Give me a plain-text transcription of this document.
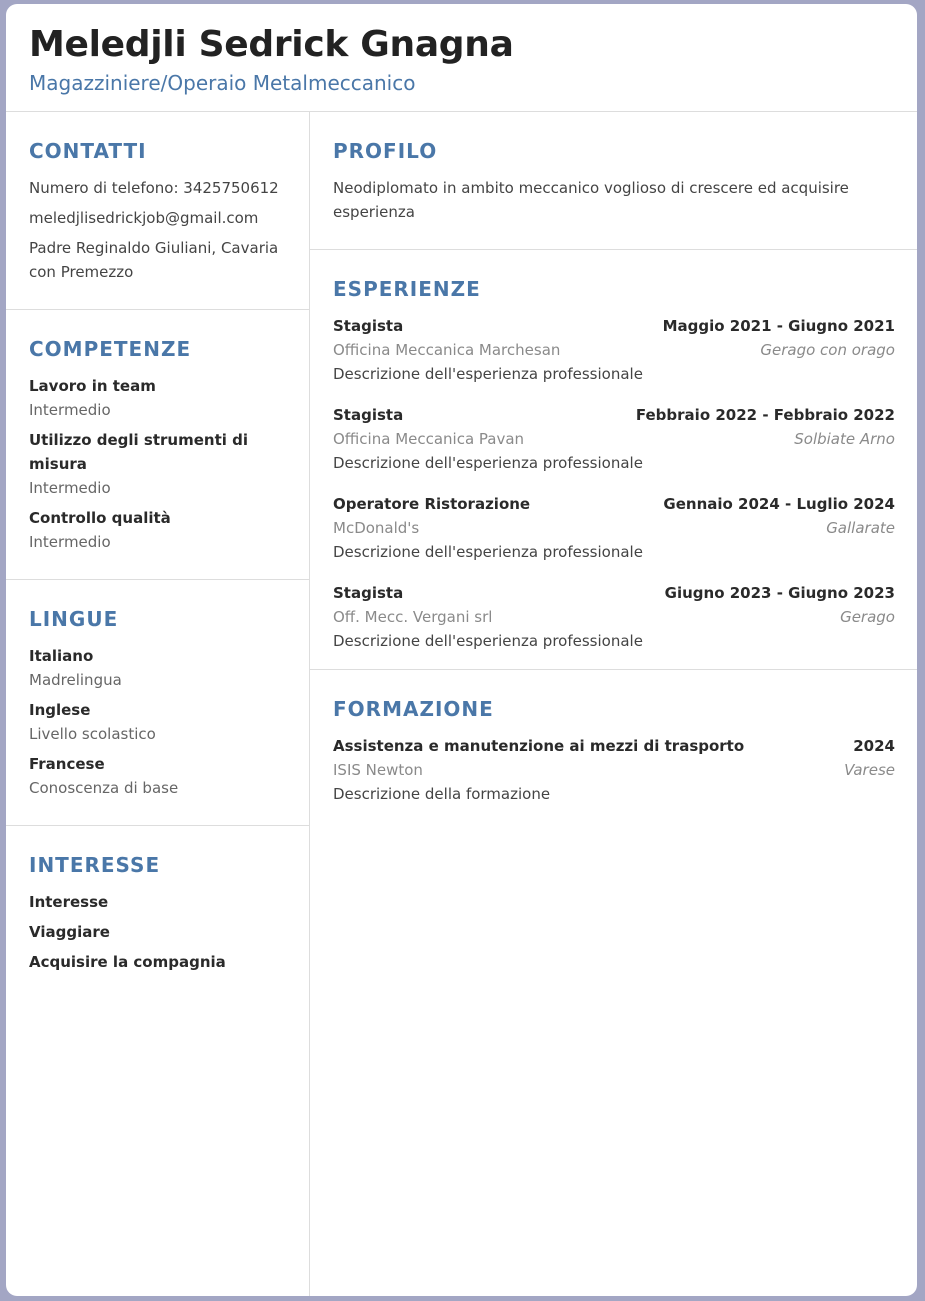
Meledjli Sedrick Gnagna
Magazziniere/Operaio Metalmeccanico
CONTATTI
Numero di telefono: 3425750612
meledjlisedrickjob@gmail.com
Padre Reginaldo Giuliani, Cavaria con Premezzo
COMPETENZE
Lavoro in team
Intermedio
Utilizzo degli strumenti di misura
Intermedio
Controllo qualità
Intermedio
LINGUE
Italiano
Madrelingua
Inglese
Livello scolastico
Francese
Conoscenza di base
INTERESSE
Interesse
Viaggiare
Acquisire la compagnia
PROFILO
Neodiplomato in ambito meccanico voglioso di crescere ed acquisire esperienza
ESPERIENZE
Stagista	Maggio 2021 - Giugno 2021
Officina Meccanica Marchesan	Gerago con orago
Descrizione dell'esperienza professionale
Stagista	Febbraio 2022 - Febbraio 2022
Officina Meccanica Pavan	Solbiate Arno
Descrizione dell'esperienza professionale
Operatore Ristorazione	Gennaio 2024 - Luglio 2024
McDonald's	Gallarate
Descrizione dell'esperienza professionale
Stagista	Giugno 2023 - Giugno 2023
Off. Mecc. Vergani srl	Gerago
Descrizione dell'esperienza professionale
FORMAZIONE
Assistenza e manutenzione ai mezzi di trasporto	2024
ISIS Newton	Varese
Descrizione della formazione
